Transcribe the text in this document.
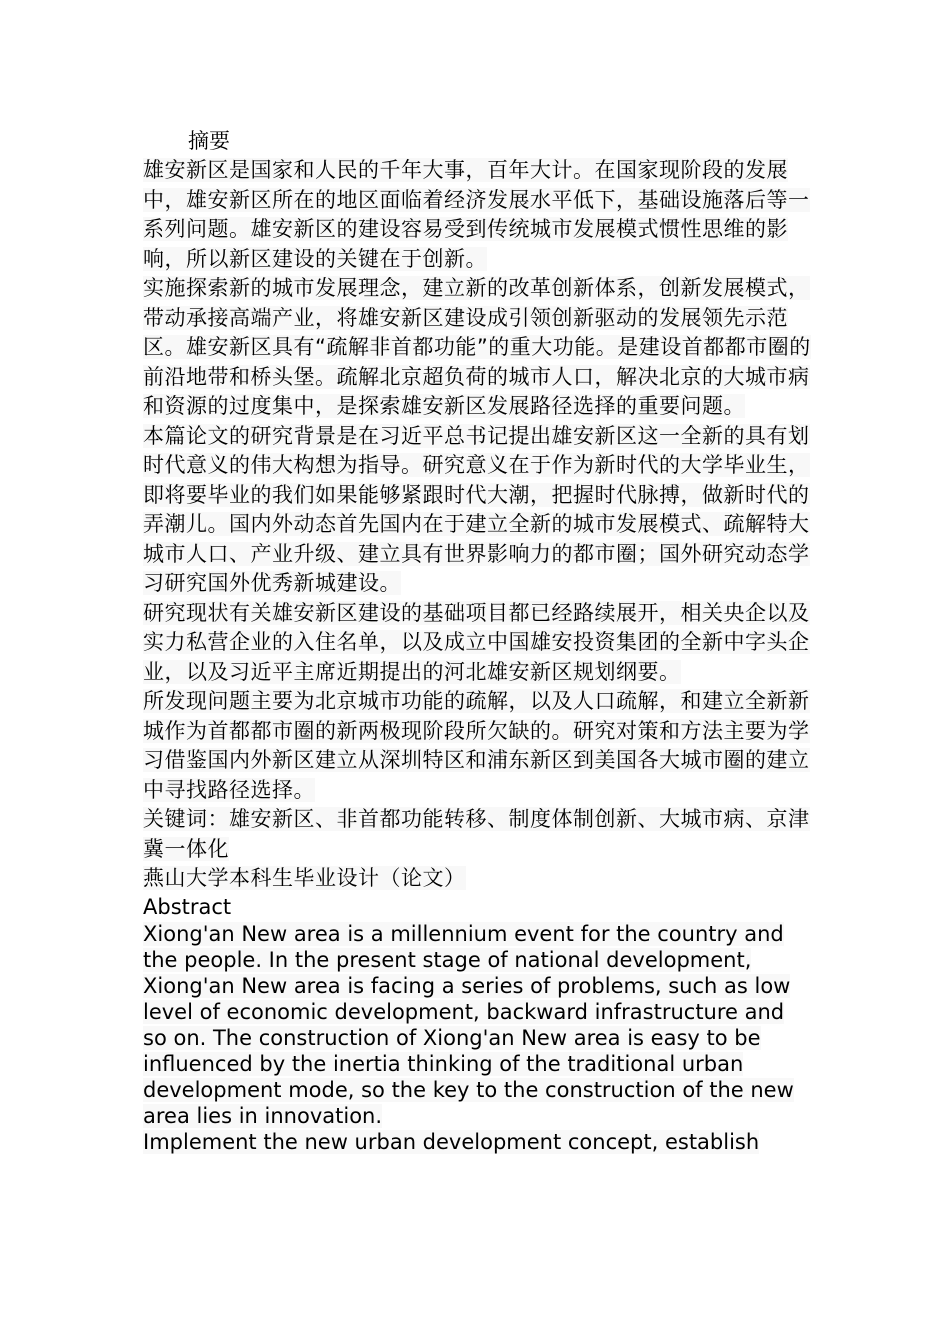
摘要

雄安新区是国家和人民的千年大事，百年大计。在国家现阶段的发展中，雄安新区所在的地区面临着经济发展水平低下，基础设施落后等一系列问题。雄安新区的建设容易受到传统城市发展模式惯性思维的影响，所以新区建设的关键在于创新。

实施探索新的城市发展理念，建立新的改革创新体系，创新发展模式，带动承接高端产业，将雄安新区建设成引领创新驱动的发展领先示范区。雄安新区具有“疏解非首都功能”的重大功能。是建设首都都市圈的前沿地带和桥头堡。疏解北京超负荷的城市人口，解决北京的大城市病和资源的过度集中，是探索雄安新区发展路径选择的重要问题。

本篇论文的研究背景是在习近平总书记提出雄安新区这一全新的具有划时代意义的伟大构想为指导。研究意义在于作为新时代的大学毕业生，即将要毕业的我们如果能够紧跟时代大潮，把握时代脉搏，做新时代的弄潮儿。国内外动态首先国内在于建立全新的城市发展模式、疏解特大城市人口、产业升级、建立具有世界影响力的都市圈；国外研究动态学习研究国外优秀新城建设。

研究现状有关雄安新区建设的基础项目都已经路续展开，相关央企以及实力私营企业的入住名单，以及成立中国雄安投资集团的全新中字头企业，以及习近平主席近期提出的河北雄安新区规划纲要。

所发现问题主要为北京城市功能的疏解，以及人口疏解，和建立全新新城作为首都都市圈的新两极现阶段所欠缺的。研究对策和方法主要为学习借鉴国内外新区建立从深圳特区和浦东新区到美国各大城市圈的建立中寻找路径选择。

关键词：雄安新区、非首都功能转移、制度体制创新、大城市病、京津冀一体化

燕山大学本科生毕业设计（论文）

Abstract

Xiong'an New area is a millennium event for the country and the people. In the present stage of national development, Xiong'an New area is facing a series of problems, such as low level of economic development, backward infrastructure and so on. The construction of Xiong'an New area is easy to be influenced by the inertia thinking of the traditional urban development mode, so the key to the construction of the new area lies in innovation.

Implement the new urban development concept, establish
